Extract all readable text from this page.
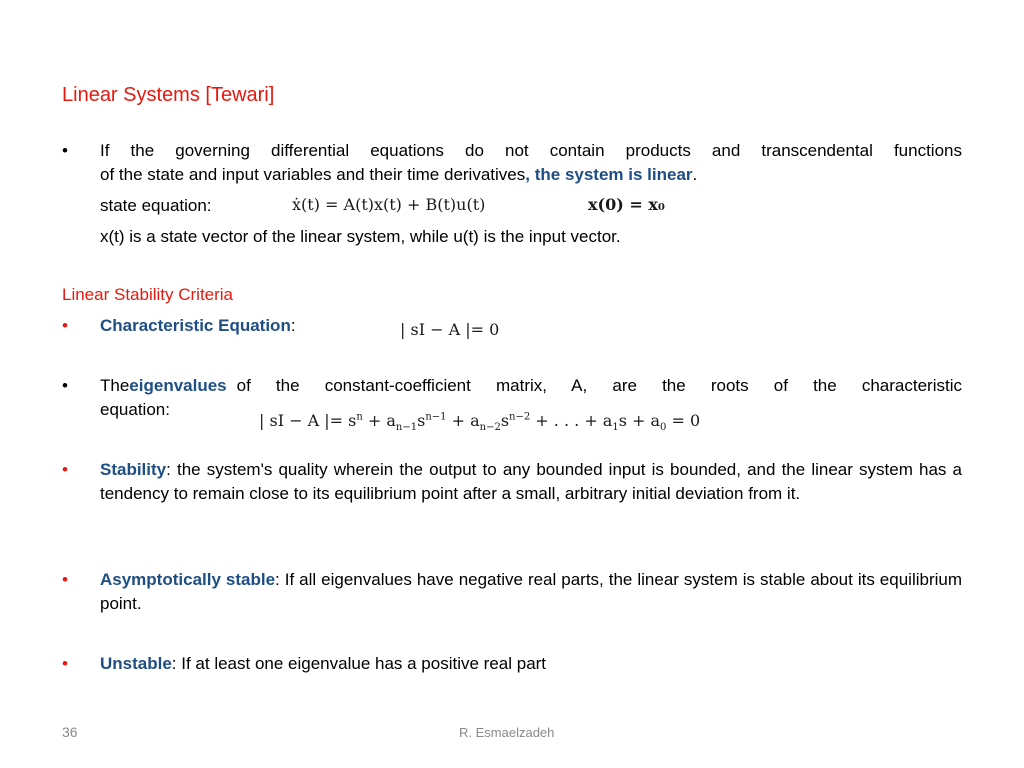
Linear Systems [Tewari]
•	If the governing differential equations do not contain products and transcendental functions
of the state and input variables and their time derivatives, the system is linear.
state equation:	ẋ(t) = A(t)x(t) + B(t)u(t)	x(0) = x₀
x(t) is a state vector of the linear system, while u(t) is the input vector.
Linear Stability Criteria
•	Characteristic Equation:	| sI − A |= 0
•	The eigenvalues of the constant-coefficient matrix, A, are the roots of the characteristic
equation:
| sI − A |= $s^n + a_{n-1}s^{n-1} + a_{n-2}s^{n-2}$ + . . . + $a_1s + a_0 = 0$
•	Stability: the system's quality wherein the output to any bounded input is bounded, and the linear system has a tendency to remain close to its equilibrium point after a small, arbitrary initial deviation from it.
•	Asymptotically stable: If all eigenvalues have negative real parts, the linear system is stable about its equilibrium point.
•	Unstable: If at least one eigenvalue has a positive real part
36	R. Esmaelzadeh
